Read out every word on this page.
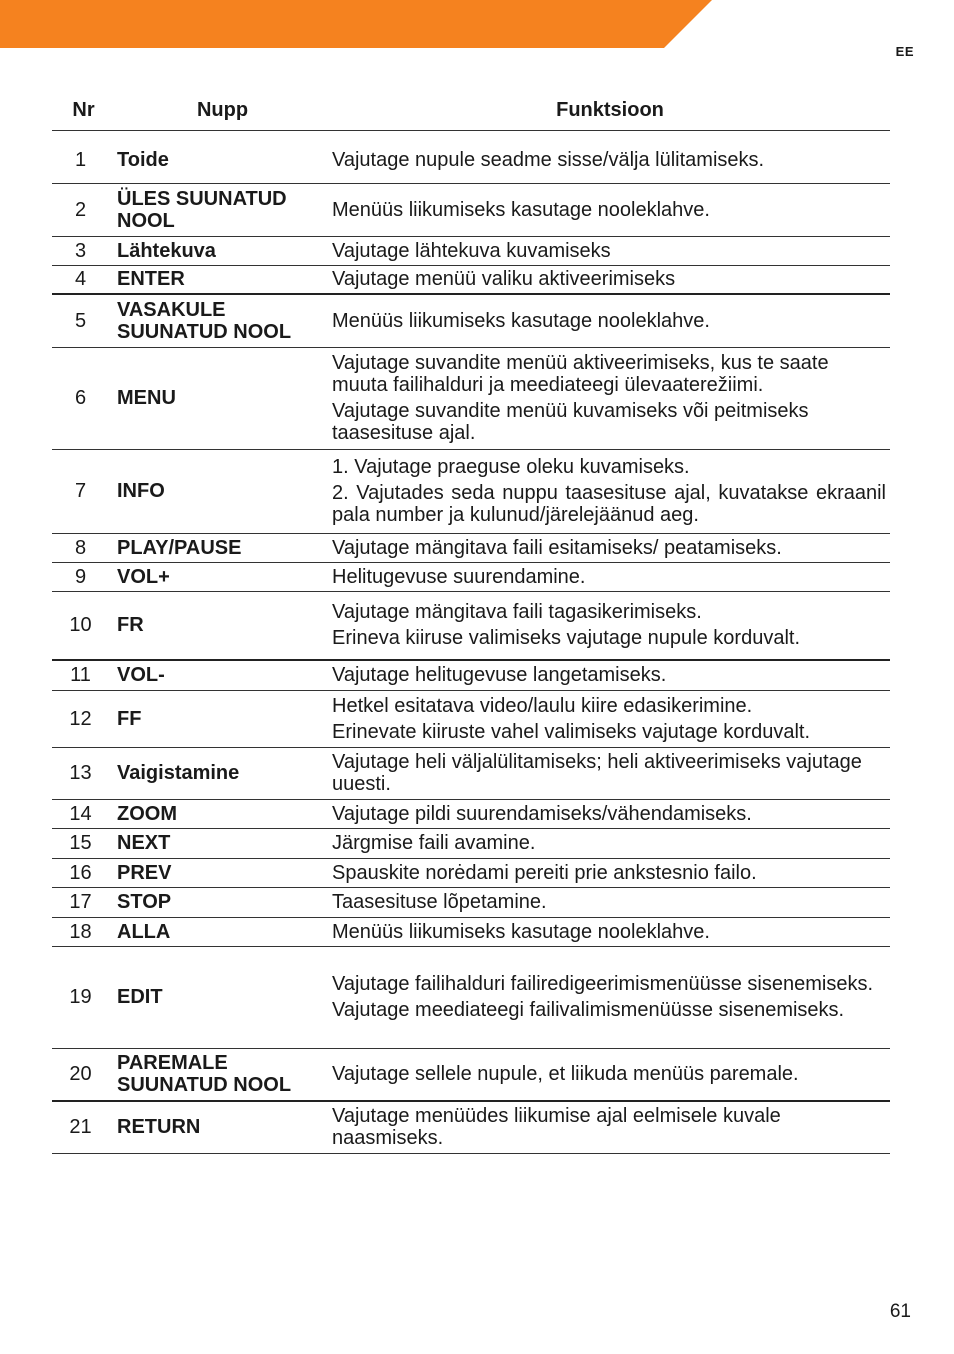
EE
Nr	Nupp	Funktsioon

1	Toide	Vajutage nupule seadme sisse/välja lülitamiseks.

2	ÜLES SUUNATUD NOOL	Menüüs liikumiseks kasutage nooleklahve.

3	Lähtekuva	Vajutage lähtekuva kuvamiseks

4	ENTER	Vajutage menüü valiku aktiveerimiseks

5	VASAKULE SUUNATUD NOOL	Menüüs liikumiseks kasutage nooleklahve.

6	MENU	Vajutage suvandite menüü aktiveerimiseks, kus te saate muuta failihalduri ja meediateegi ülevaaterežiimi.

Vajutage suvandite menüü kuvamiseks või peitmiseks taasesituse ajal.

7	INFO	1. Vajutage praeguse oleku kuvamiseks.

2. Vajutades seda nuppu taasesituse ajal, kuvatakse ekraanil pala number ja kulunud/järelejäänud aeg.

8	PLAY/PAUSE	Vajutage mängitava faili esitamiseks/ peatamiseks.

9	VOL+	Helitugevuse suurendamine.

10	FR	Vajutage mängitava faili tagasikerimiseks.

Erineva kiiruse valimiseks vajutage nupule korduvalt.

11	VOL-	Vajutage helitugevuse langetamiseks.

12	FF	Hetkel esitatava video/laulu kiire edasikerimine.

Erinevate kiiruste vahel valimiseks vajutage korduvalt.

13	Vaigistamine	Vajutage heli väljalülitamiseks; heli aktiveerimiseks vajutage uuesti.

14	ZOOM	Vajutage pildi suurendamiseks/vähendamiseks.

15	NEXT	Järgmise faili avamine.

16	PREV	Spauskite norėdami pereiti prie ankstesnio failo.

17	STOP	Taasesituse lõpetamine.

18	ALLA	Menüüs liikumiseks kasutage nooleklahve.

19	EDIT	Vajutage failihalduri failiredigeerimismenüüsse sisenemiseks.

Vajutage meediateegi failivalimismenüüsse sisenemiseks.

20	PAREMALE SUUNATUD NOOL	Vajutage sellele nupule, et liikuda menüüs paremale.

21	RETURN	Vajutage menüüdes liikumise ajal eelmisele kuvale naasmiseks.

61
